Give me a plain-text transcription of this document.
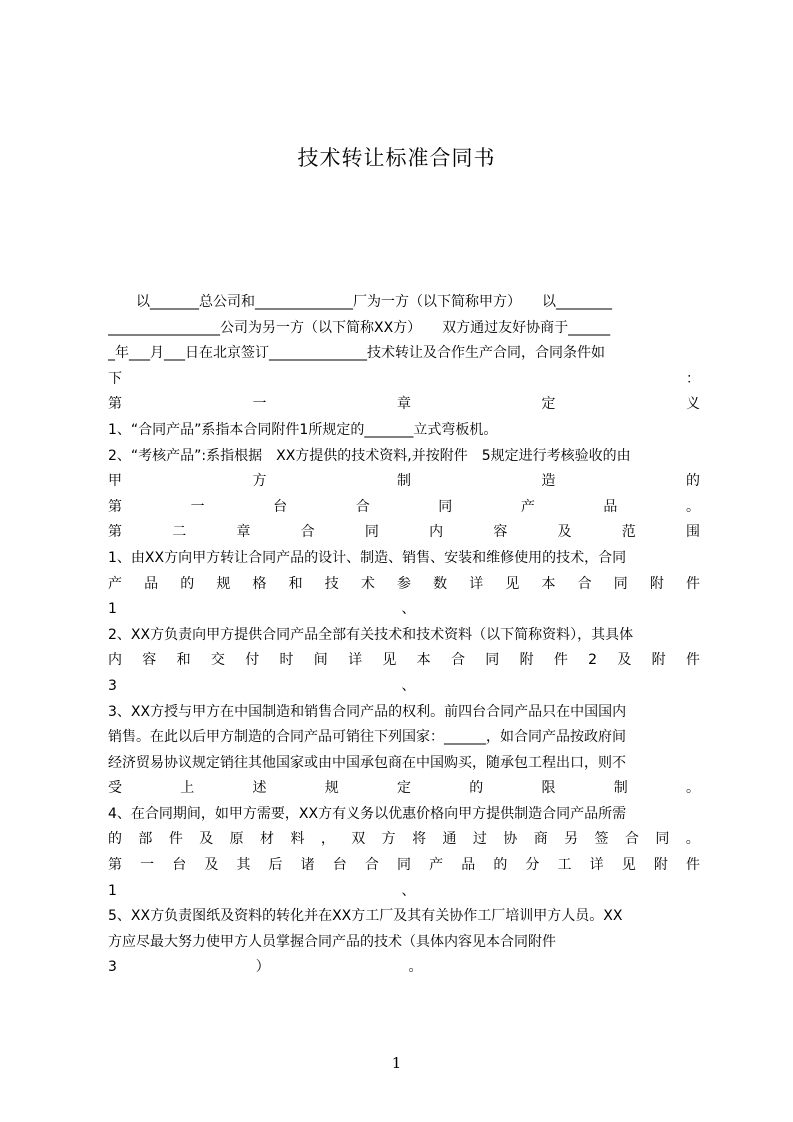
技术转让标准合同书
　　以_______总公司和______________厂为一方（以下简称甲方）　　以________
________________公司为另一方（以下简称XX方）　　双方通过友好协商于______
_年___月___日在北京签订______________技术转让及合作生产合同，合同条件如
下	：
第	一	章	定	义
1、“合同产品”系指本合同附件1所规定的_______立式弯板机。
2、“考核产品”:系指根据　XX方提供的技术资料,并按附件　5规定进行考核验收的由
甲	方	制	造	的
第	一	台	合	同	产	品	。
第	二	章	合	同	内	容	及	范	围
1、由XX方向甲方转让合同产品的设计、制造、销售、安装和维修使用的技术，合同
产 品 的 规 格 和 技 术 参 数 详 见 本 合 同 附 件
1	、
2、XX方负责向甲方提供合同产品全部有关技术和技术资料（以下简称资料），其具体
内 容 和 交 付 时 间 详 见 本 合 同 附 件 2 及 附 件
3	、
3、XX方授与甲方在中国制造和销售合同产品的权利。前四台合同产品只在中国国内
销售。在此以后甲方制造的合同产品可销往下列国家：______，如合同产品按政府间
经济贸易协议规定销往其他国家或由中国承包商在中国购买，随承包工程出口，则不
受	上	述	规	定	的	限	制	。
4、在合同期间，如甲方需要，XX方有义务以优惠价格向甲方提供制造合同产品所需
的 部 件 及 原 材 料 ， 双 方 将 通 过 协 商 另 签 合 同 。
第 一 台 及 其 后 诸 台 合 同 产 品 的 分 工 详 见 附 件
1	、
5、XX方负责图纸及资料的转化并在XX方工厂及其有关协作工厂培训甲方人员。XX
方应尽最大努力使甲方人员掌握合同产品的技术（具体内容见本合同附件
3	）	。
1
